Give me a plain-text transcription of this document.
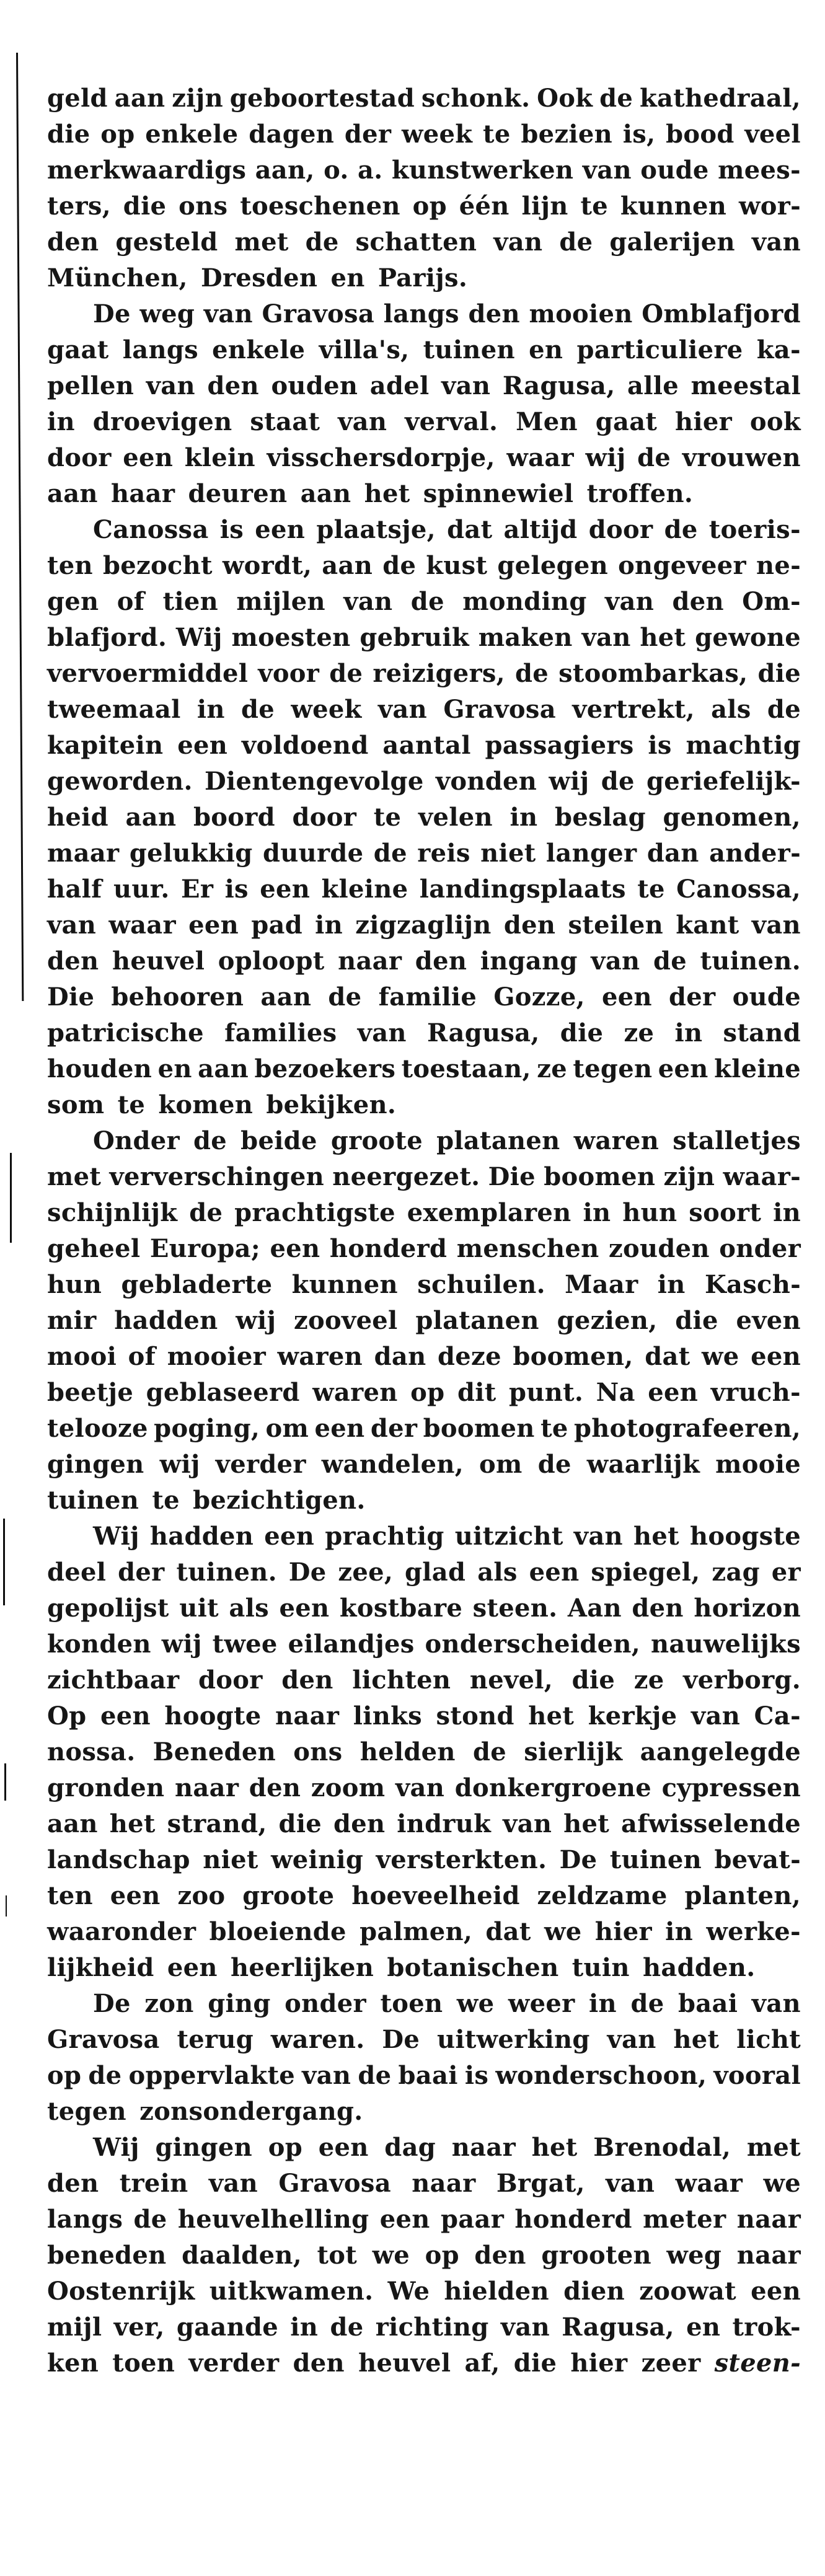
geld aan zijn geboortestad schonk. Ook de kathedraal,
die op enkele dagen der week te bezien is, bood veel
merkwaardigs aan, o. a. kunstwerken van oude mees-
ters, die ons toeschenen op één lijn te kunnen wor-
den gesteld met de schatten van de galerijen van
München, Dresden en Parijs.
De weg van Gravosa langs den mooien Omblafjord
gaat langs enkele villa's, tuinen en particuliere ka-
pellen van den ouden adel van Ragusa, alle meestal
in droevigen staat van verval. Men gaat hier ook
door een klein visschersdorpje, waar wij de vrouwen
aan haar deuren aan het spinnewiel troffen.
Canossa is een plaatsje, dat altijd door de toeris-
ten bezocht wordt, aan de kust gelegen ongeveer ne-
gen of tien mijlen van de monding van den Om-
blafjord. Wij moesten gebruik maken van het gewone
vervoermiddel voor de reizigers, de stoombarkas, die
tweemaal in de week van Gravosa vertrekt, als de
kapitein een voldoend aantal passagiers is machtig
geworden. Dientengevolge vonden wij de geriefelijk-
heid aan boord door te velen in beslag genomen,
maar gelukkig duurde de reis niet langer dan ander-
half uur. Er is een kleine landingsplaats te Canossa,
van waar een pad in zigzaglijn den steilen kant van
den heuvel oploopt naar den ingang van de tuinen.
Die behooren aan de familie Gozze, een der oude
patricische families van Ragusa, die ze in stand
houden en aan bezoekers toestaan, ze tegen een kleine
som te komen bekijken.
Onder de beide groote platanen waren stalletjes
met ververschingen neergezet. Die boomen zijn waar-
schijnlijk de prachtigste exemplaren in hun soort in
geheel Europa; een honderd menschen zouden onder
hun gebladerte kunnen schuilen. Maar in Kasch-
mir hadden wij zooveel platanen gezien, die even
mooi of mooier waren dan deze boomen, dat we een
beetje geblaseerd waren op dit punt. Na een vruch-
telooze poging, om een der boomen te photografeeren,
gingen wij verder wandelen, om de waarlijk mooie
tuinen te bezichtigen.
Wij hadden een prachtig uitzicht van het hoogste
deel der tuinen. De zee, glad als een spiegel, zag er
gepolijst uit als een kostbare steen. Aan den horizon
konden wij twee eilandjes onderscheiden, nauwelijks
zichtbaar door den lichten nevel, die ze verborg.
Op een hoogte naar links stond het kerkje van Ca-
nossa. Beneden ons helden de sierlijk aangelegde
gronden naar den zoom van donkergroene cypressen
aan het strand, die den indruk van het afwisselende
landschap niet weinig versterkten. De tuinen bevat-
ten een zoo groote hoeveelheid zeldzame planten,
waaronder bloeiende palmen, dat we hier in werke-
lijkheid een heerlijken botanischen tuin hadden.
De zon ging onder toen we weer in de baai van
Gravosa terug waren. De uitwerking van het licht
op de oppervlakte van de baai is wonderschoon, vooral
tegen zonsondergang.
Wij gingen op een dag naar het Brenodal, met
den trein van Gravosa naar Brgat, van waar we
langs de heuvelhelling een paar honderd meter naar
beneden daalden, tot we op den grooten weg naar
Oostenrijk uitkwamen. We hielden dien zoowat een
mijl ver, gaande in de richting van Ragusa, en trok-
ken toen verder den heuvel af, die hier zeer steen-
